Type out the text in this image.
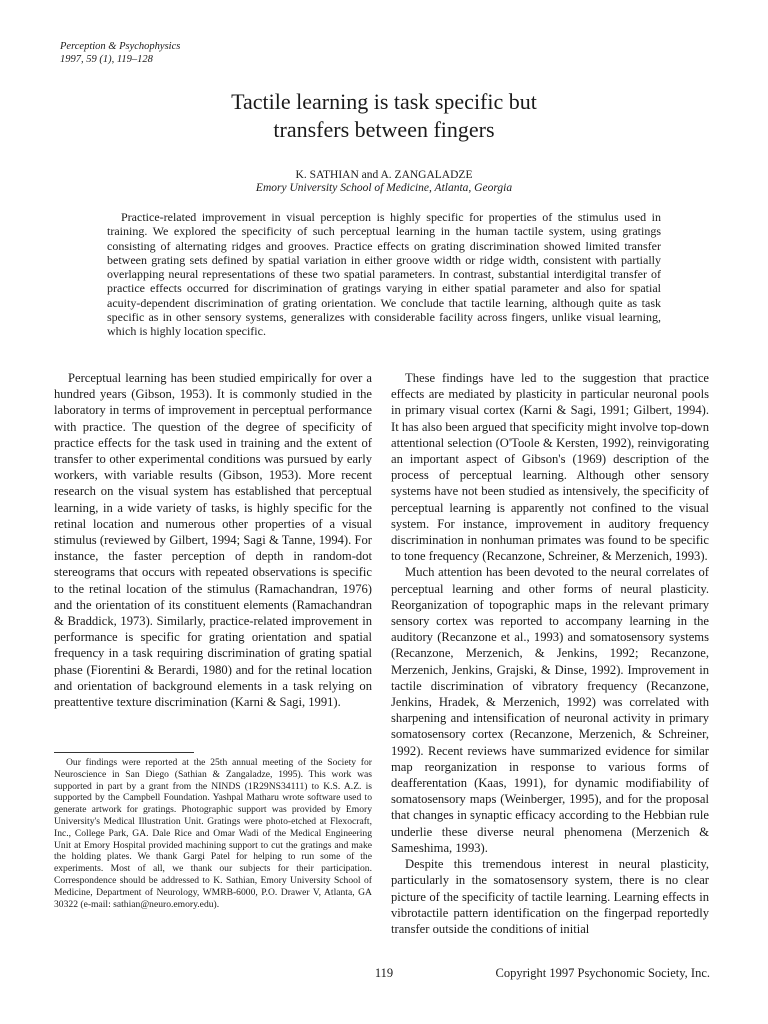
Perception & Psychophysics
1997, 59 (1), 119–128
Tactile learning is task specific but
transfers between fingers
K. SATHIAN and A. ZANGALADZE
Emory University School of Medicine, Atlanta, Georgia

Practice-related improvement in visual perception is highly specific for properties of the stimulus used in training. We explored the specificity of such perceptual learning in the human tactile system, using gratings consisting of alternating ridges and grooves. Practice effects on grating discrimination showed limited transfer between grating sets defined by spatial variation in either groove width or ridge width, consistent with partially overlapping neural representations of these two spatial parameters. In contrast, substantial interdigital transfer of practice effects occurred for discrimination of gratings varying in either spatial parameter and also for spatial acuity-dependent discrimination of grating orientation. We conclude that tactile learning, although quite as task specific as in other sensory systems, generalizes with considerable facility across fingers, unlike visual learning, which is highly location specific.

Perceptual learning has been studied empirically for over a hundred years (Gibson, 1953). It is commonly studied in the laboratory in terms of improvement in perceptual performance with practice. The question of the degree of specificity of practice effects for the task used in training and the extent of transfer to other experimental conditions was pursued by early workers, with variable results (Gibson, 1953). More recent research on the visual system has established that perceptual learning, in a wide variety of tasks, is highly specific for the retinal location and numerous other properties of a visual stimulus (reviewed by Gilbert, 1994; Sagi & Tanne, 1994). For instance, the faster perception of depth in random-dot stereograms that occurs with repeated observations is specific to the retinal location of the stimulus (Ramachandran, 1976) and the orientation of its constituent elements (Ramachandran & Braddick, 1973). Similarly, practice-related improvement in performance is specific for grating orientation and spatial frequency in a task requiring discrimination of grating spatial phase (Fiorentini & Berardi, 1980) and for the retinal location and orientation of background elements in a task relying on preattentive texture discrimination (Karni & Sagi, 1991).

These findings have led to the suggestion that practice effects are mediated by plasticity in particular neuronal pools in primary visual cortex (Karni & Sagi, 1991; Gilbert, 1994). It has also been argued that specificity might involve top-down attentional selection (O'Toole & Kersten, 1992), reinvigorating an important aspect of Gibson's (1969) description of the process of perceptual learning. Although other sensory systems have not been studied as intensively, the specificity of perceptual learning is apparently not confined to the visual system. For instance, improvement in auditory frequency discrimination in nonhuman primates was found to be specific to tone frequency (Recanzone, Schreiner, & Merzenich, 1993).

Much attention has been devoted to the neural correlates of perceptual learning and other forms of neural plasticity. Reorganization of topographic maps in the relevant primary sensory cortex was reported to accompany learning in the auditory (Recanzone et al., 1993) and somatosensory systems (Recanzone, Merzenich, & Jenkins, 1992; Recanzone, Merzenich, Jenkins, Grajski, & Dinse, 1992). Improvement in tactile discrimination of vibratory frequency (Recanzone, Jenkins, Hradek, & Merzenich, 1992) was correlated with sharpening and intensification of neuronal activity in primary somatosensory cortex (Recanzone, Merzenich, & Schreiner, 1992). Recent reviews have summarized evidence for similar map reorganization in response to various forms of deafferentation (Kaas, 1991), for dynamic modifiability of somatosensory maps (Weinberger, 1995), and for the proposal that changes in synaptic efficacy according to the Hebbian rule underlie these diverse neural phenomena (Merzenich & Sameshima, 1993).

Despite this tremendous interest in neural plasticity, particularly in the somatosensory system, there is no clear picture of the specificity of tactile learning. Learning effects in vibrotactile pattern identification on the fingerpad reportedly transfer outside the conditions of initial

Our findings were reported at the 25th annual meeting of the Society for Neuroscience in San Diego (Sathian & Zangaladze, 1995). This work was supported in part by a grant from the NINDS (1R29NS34111) to K.S. A.Z. is supported by the Campbell Foundation. Yashpal Matharu wrote software used to generate artwork for gratings. Photographic support was provided by Emory University's Medical Illustration Unit. Gratings were photo-etched at Flexocraft, Inc., College Park, GA. Dale Rice and Omar Wadi of the Medical Engineering Unit at Emory Hospital provided machining support to cut the gratings and make the holding plates. We thank Gargi Patel for helping to run some of the experiments. Most of all, we thank our subjects for their participation. Correspondence should be addressed to K. Sathian, Emory University School of Medicine, Department of Neurology, WMRB-6000, P.O. Drawer V, Atlanta, GA 30322 (e-mail: sathian@neuro.emory.edu).

119	Copyright 1997 Psychonomic Society, Inc.
